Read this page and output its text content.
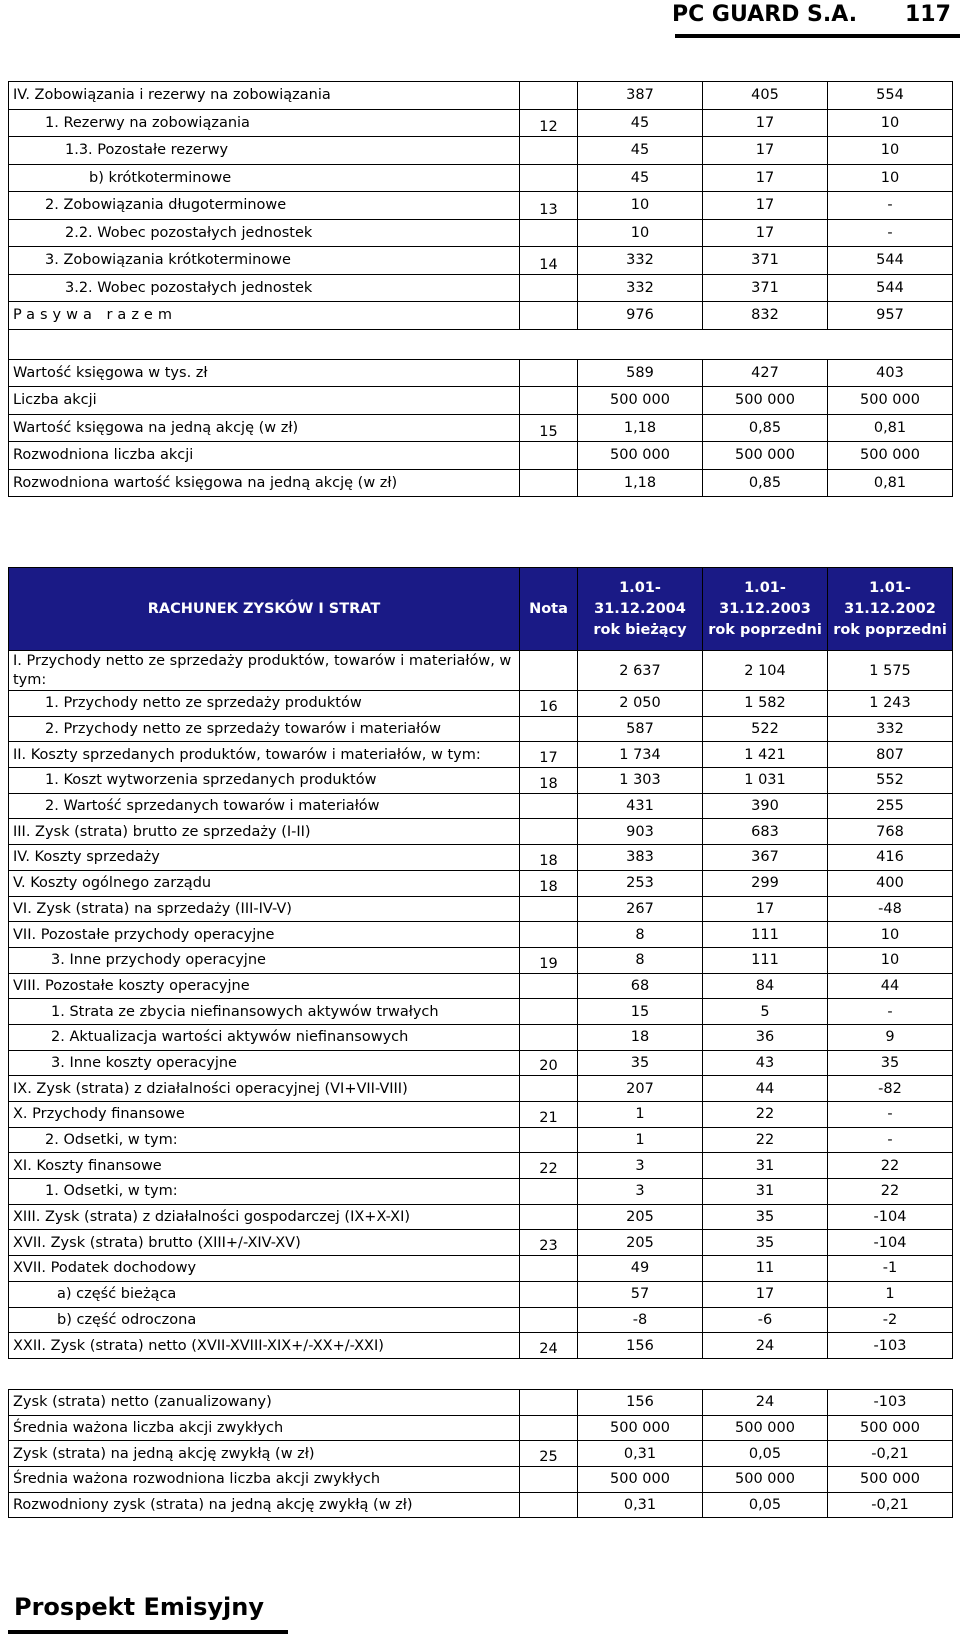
PC GUARD S.A. 117
IV. Zobowiązania i rezerwy na zobowiązania		387	405	554
1. Rezerwy na zobowiązania	12	45	17	10
1.3. Pozostałe rezerwy		45	17	10
b) krótkoterminowe		45	17	10
2. Zobowiązania długoterminowe	13	10	17	-
2.2. Wobec pozostałych jednostek		10	17	-
3. Zobowiązania krótkoterminowe	14	332	371	544
3.2. Wobec pozostałych jednostek		332	371	544
Pasywa razem		976	832	957

Wartość księgowa w tys. zł		589	427	403
Liczba akcji		500 000	500 000	500 000
Wartość księgowa na jedną akcję (w zł)	15	1,18	0,85	0,81
Rozwodniona liczba akcji		500 000	500 000	500 000
Rozwodniona wartość księgowa na jedną akcję (w zł)		1,18	0,85	0,81
RACHUNEK ZYSKÓW I STRAT	Nota	1.01-31.12.2004 rok bieżący	1.01-31.12.2003 rok poprzedni	1.01-31.12.2002 rok poprzedni
I. Przychody netto ze sprzedaży produktów, towarów i materiałów, w tym:		2 637	2 104	1 575
1. Przychody netto ze sprzedaży produktów	16	2 050	1 582	1 243
2. Przychody netto ze sprzedaży towarów i materiałów		587	522	332
II. Koszty sprzedanych produktów, towarów i materiałów, w tym:	17	1 734	1 421	807
1. Koszt wytworzenia sprzedanych produktów	18	1 303	1 031	552
2. Wartość sprzedanych towarów i materiałów		431	390	255
III. Zysk (strata) brutto ze sprzedaży (I-II)		903	683	768
IV. Koszty sprzedaży	18	383	367	416
V. Koszty ogólnego zarządu	18	253	299	400
VI. Zysk (strata) na sprzedaży (III-IV-V)		267	17	-48
VII. Pozostałe przychody operacyjne		8	111	10
3. Inne przychody operacyjne	19	8	111	10
VIII. Pozostałe koszty operacyjne		68	84	44
1. Strata ze zbycia niefinansowych aktywów trwałych		15	5	-
2. Aktualizacja wartości aktywów niefinansowych		18	36	9
3. Inne koszty operacyjne	20	35	43	35
IX. Zysk (strata) z działalności operacyjnej (VI+VII-VIII)		207	44	-82
X. Przychody finansowe	21	1	22	-
2. Odsetki, w tym:		1	22	-
XI. Koszty finansowe	22	3	31	22
1. Odsetki, w tym:		3	31	22
XIII. Zysk (strata) z działalności gospodarczej (IX+X-XI)		205	35	-104
XVII. Zysk (strata) brutto (XIII+/-XIV-XV)	23	205	35	-104
XVII. Podatek dochodowy		49	11	-1
a) część bieżąca		57	17	1
b) część odroczona		-8	-6	-2
XXII. Zysk (strata) netto (XVII-XVIII-XIX+/-XX+/-XXI)	24	156	24	-103
Zysk (strata) netto (zanualizowany)		156	24	-103
Średnia ważona liczba akcji zwykłych		500 000	500 000	500 000
Zysk (strata) na jedną akcję zwykłą (w zł)	25	0,31	0,05	-0,21
Średnia ważona rozwodniona liczba akcji zwykłych		500 000	500 000	500 000
Rozwodniony zysk (strata) na jedną akcję zwykłą (w zł)		0,31	0,05	-0,21
Prospekt Emisyjny
